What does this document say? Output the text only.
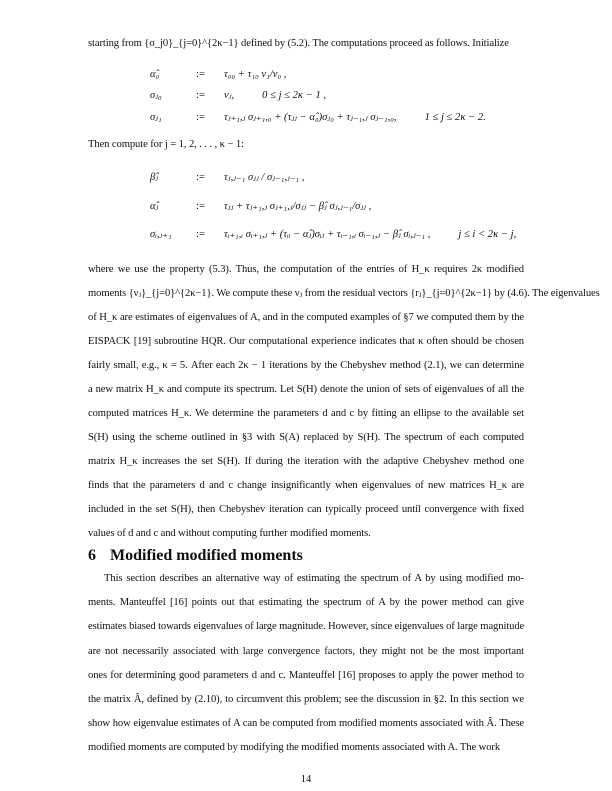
starting from {σ_j0}_{j=0}^{2κ−1} defined by (5.2). The computations proceed as follows. Initialize
Then compute for j = 1, 2, . . . , κ − 1:
6 Modified modified moments
14
α̂₀	:=	τ₀₀ + τ₁₀ ν₁/ν₀ ,
σⱼ₀	:=	νⱼ,	0 ≤ j ≤ 2κ − 1 ,
σⱼ₁	:=	τⱼ₊₁,ⱼ σⱼ₊₁,₀ + (τⱼⱼ − α̂₀)σⱼ₀ + τⱼ₋₁,ⱼ σⱼ₋₁,₀,	1 ≤ j ≤ 2κ − 2.
β̂ⱼ	:=	τⱼ,ⱼ₋₁ σⱼⱼ / σⱼ₋₁,ⱼ₋₁ ,
α̂ⱼ	:=	τⱼⱼ + τⱼ₊₁,ⱼ σⱼ₊₁,ⱼ/σⱼⱼ − β̂ⱼ σⱼ,ⱼ₋₁/σⱼⱼ ,
σᵢ,ⱼ₊₁	:=	τᵢ₊₁,ᵢ σᵢ₊₁,ⱼ + (τᵢᵢ − α̂ⱼ)σᵢⱼ + τᵢ₋₁,ᵢ σᵢ₋₁,ⱼ − β̂ⱼ σᵢ,ⱼ₋₁ ,	j ≤ i < 2κ − j,
where we use the property (5.3). Thus, the computation of the entries of H_κ requires 2κ modified
moments {νⱼ}_{j=0}^{2κ−1}. We compute these νⱼ from the residual vectors {rⱼ}_{j=0}^{2κ−1} by (4.6). The eigenvalues
of H_κ are estimates of eigenvalues of A, and in the computed examples of §7 we computed them by the
EISPACK [19] subroutine HQR. Our computational experience indicates that κ often should be chosen
fairly small, e.g., κ = 5. After each 2κ − 1 iterations by the Chebyshev method (2.1), we can determine
a new matrix H_κ and compute its spectrum. Let S(H) denote the union of sets of eigenvalues of all the
computed matrices H_κ. We determine the parameters d and c by fitting an ellipse to the available set
S(H) using the scheme outlined in §3 with S(A) replaced by S(H). The spectrum of each computed
matrix H_κ increases the set S(H). If during the iteration with the adaptive Chebyshev method one
finds that the parameters d and c change insignificantly when eigenvalues of new matrices H_κ are
included in the set S(H), then Chebyshev iteration can typically proceed until convergence with fixed
values of d and c and without computing further modified moments.
This section describes an alternative way of estimating the spectrum of A by using modified mo-
ments. Manteuffel [16] points out that estimating the spectrum of A by the power method can give
estimates biased towards eigenvalues of large magnitude. However, since eigenvalues of large magnitude
are not necessarily associated with large convergence factors, they might not be the most important
ones for determining good parameters d and c. Manteuffel [16] proposes to apply the power method to
the matrix Â, defined by (2.10), to circumvent this problem; see the discussion in §2. In this section we
show how eigenvalue estimates of A can be computed from modified moments associated with Â. These
modified moments are computed by modifying the modified moments associated with A. The work
